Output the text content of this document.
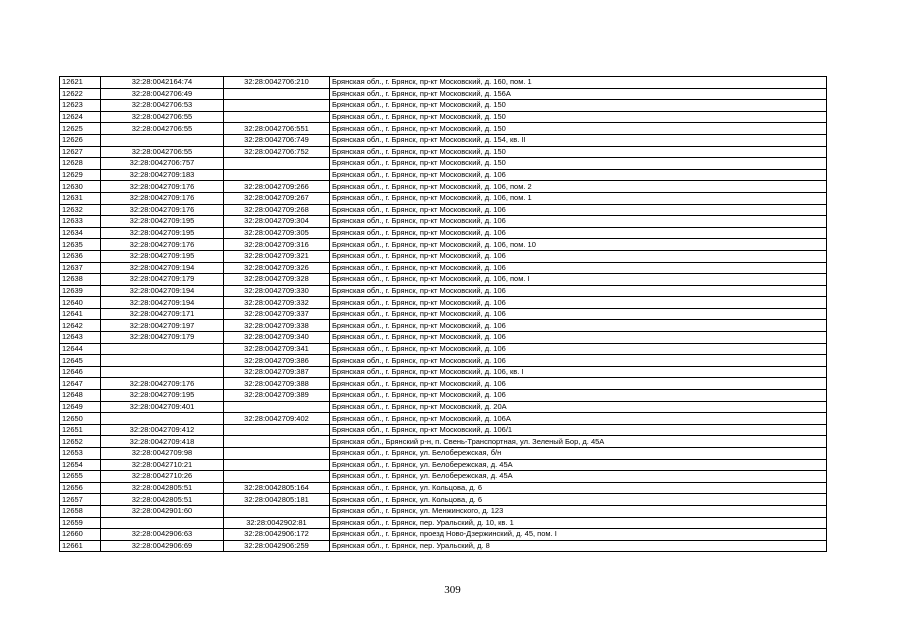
12621	32:28:0042164:74	32:28:0042706:210	Брянская обл., г. Брянск, пр-кт Московский, д. 160, пом. 1
12622	32:28:0042706:49		Брянская обл., г. Брянск, пр-кт Московский, д. 156А
12623	32:28:0042706:53		Брянская обл., г. Брянск, пр-кт Московский, д. 150
12624	32:28:0042706:55		Брянская обл., г. Брянск, пр-кт Московский, д. 150
12625	32:28:0042706:55	32:28:0042706:551	Брянская обл., г. Брянск, пр-кт Московский, д. 150
12626		32:28:0042706:749	Брянская обл., г. Брянск, пр-кт Московский, д. 154, кв. II
12627	32:28:0042706:55	32:28:0042706:752	Брянская обл., г. Брянск, пр-кт Московский, д. 150
12628	32:28:0042706:757		Брянская обл., г. Брянск, пр-кт Московский, д. 150
12629	32:28:0042709:183		Брянская обл., г. Брянск, пр-кт Московский, д. 106
12630	32:28:0042709:176	32:28:0042709:266	Брянская обл., г. Брянск, пр-кт Московский, д. 106, пом. 2
12631	32:28:0042709:176	32:28:0042709:267	Брянская обл., г. Брянск, пр-кт Московский, д. 106, пом. 1
12632	32:28:0042709:176	32:28:0042709:268	Брянская обл., г. Брянск, пр-кт Московский, д. 106
12633	32:28:0042709:195	32:28:0042709:304	Брянская обл., г. Брянск, пр-кт Московский, д. 106
12634	32:28:0042709:195	32:28:0042709:305	Брянская обл., г. Брянск, пр-кт Московский, д. 106
12635	32:28:0042709:176	32:28:0042709:316	Брянская обл., г. Брянск, пр-кт Московский, д. 106, пом. 10
12636	32:28:0042709:195	32:28:0042709:321	Брянская обл., г. Брянск, пр-кт Московский, д. 106
12637	32:28:0042709:194	32:28:0042709:326	Брянская обл., г. Брянск, пр-кт Московский, д. 106
12638	32:28:0042709:179	32:28:0042709:328	Брянская обл., г. Брянск, пр-кт Московский, д. 106, пом. I
12639	32:28:0042709:194	32:28:0042709:330	Брянская обл., г. Брянск, пр-кт Московский, д. 106
12640	32:28:0042709:194	32:28:0042709:332	Брянская обл., г. Брянск, пр-кт Московский, д. 106
12641	32:28:0042709:171	32:28:0042709:337	Брянская обл., г. Брянск, пр-кт Московский, д. 106
12642	32:28:0042709:197	32:28:0042709:338	Брянская обл., г. Брянск, пр-кт Московский, д. 106
12643	32:28:0042709:179	32:28:0042709:340	Брянская обл., г. Брянск, пр-кт Московский, д. 106
12644		32:28:0042709:341	Брянская обл., г. Брянск, пр-кт Московский, д. 106
12645		32:28:0042709:386	Брянская обл., г. Брянск, пр-кт Московский, д. 106
12646		32:28:0042709:387	Брянская обл., г. Брянск, пр-кт Московский, д. 106, кв. I
12647	32:28:0042709:176	32:28:0042709:388	Брянская обл., г. Брянск, пр-кт Московский, д. 106
12648	32:28:0042709:195	32:28:0042709:389	Брянская обл., г. Брянск, пр-кт Московский, д. 106
12649	32:28:0042709:401		Брянская обл., г. Брянск, пр-кт Московский, д. 20А
12650		32:28:0042709:402	Брянская обл., г. Брянск, пр-кт Московский, д. 106А
12651	32:28:0042709:412		Брянская обл., г. Брянск, пр-кт Московский, д. 106/1
12652	32:28:0042709:418		Брянская обл., Брянский р-н, п. Свень-Транспортная, ул. Зеленый Бор, д. 45А
12653	32:28:0042709:98		Брянская обл., г. Брянск, ул. Белобережская, б/н
12654	32:28:0042710:21		Брянская обл., г. Брянск, ул. Белобережская, д. 45А
12655	32:28:0042710:26		Брянская обл., г. Брянск, ул. Белобережская, д. 45А
12656	32:28:0042805:51	32:28:0042805:164	Брянская обл., г. Брянск, ул. Кольцова, д. 6
12657	32:28:0042805:51	32:28:0042805:181	Брянская обл., г. Брянск, ул. Кольцова, д. 6
12658	32:28:0042901:60		Брянская обл., г. Брянск, ул. Менжинского, д. 123
12659		32:28:0042902:81	Брянская обл., г. Брянск, пер. Уральский, д. 10, кв. 1
12660	32:28:0042906:63	32:28:0042906:172	Брянская обл., г. Брянск, проезд Ново-Дзержинский, д. 45, пом. I
12661	32:28:0042906:69	32:28:0042906:259	Брянская обл., г. Брянск, пер. Уральский, д. 8
309
